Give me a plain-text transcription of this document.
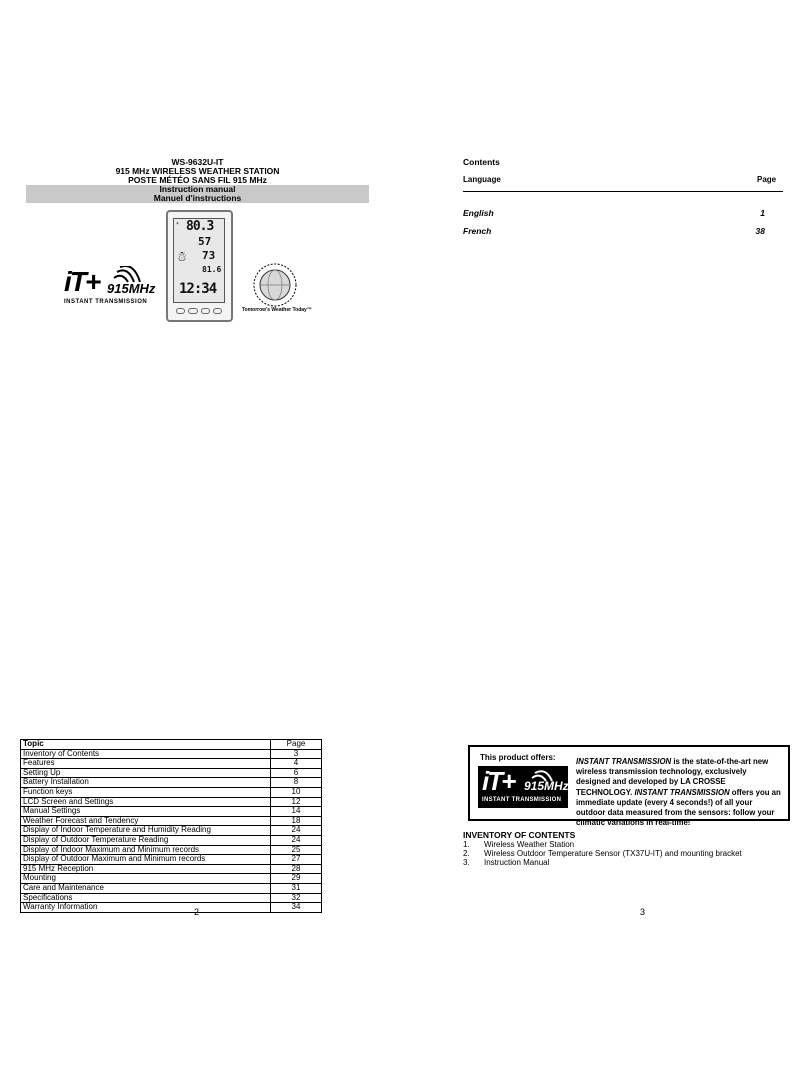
WS-9632U-IT
915 MHz WIRELESS WEATHER STATION
POSTE MÉTÉO SANS FIL 915 MHz
Instruction manual
Manuel d'instructions
iT+ 915MHz
INSTANT TRANSMISSION
☀ 80.3
57
☃ 73
81.6
12:34
Tomorrow's Weather Today™
Topic	Page
Inventory of Contents	3
Features	4
Setting Up	6
Battery Installation	8
Function keys	10
LCD Screen and Settings	12
Manual Settings	14
Weather Forecast and Tendency	18
Display of Indoor Temperature and Humidity Reading	24
Display of Outdoor Temperature Reading	24
Display of Indoor Maximum and Minimum records	25
Display of Outdoor Maximum and Minimum records	27
915 MHz Reception	28
Mounting	29
Care and Maintenance	31
Specifications	32
Warranty Information	34
2
Contents
Language	Page
English	1
French	38
This product offers:
iT+ 915MHz
INSTANT TRANSMISSION
INSTANT TRANSMISSION is the state-of-the-art new wireless transmission technology, exclusively designed and developed by LA CROSSE TECHNOLOGY. INSTANT TRANSMISSION offers you an immediate update (every 4 seconds!) of all your outdoor data measured from the sensors: follow your climatic variations in real-time!
INVENTORY OF CONTENTS
1. Wireless Weather Station
2. Wireless Outdoor Temperature Sensor (TX37U-IT) and mounting bracket
3. Instruction Manual
3
